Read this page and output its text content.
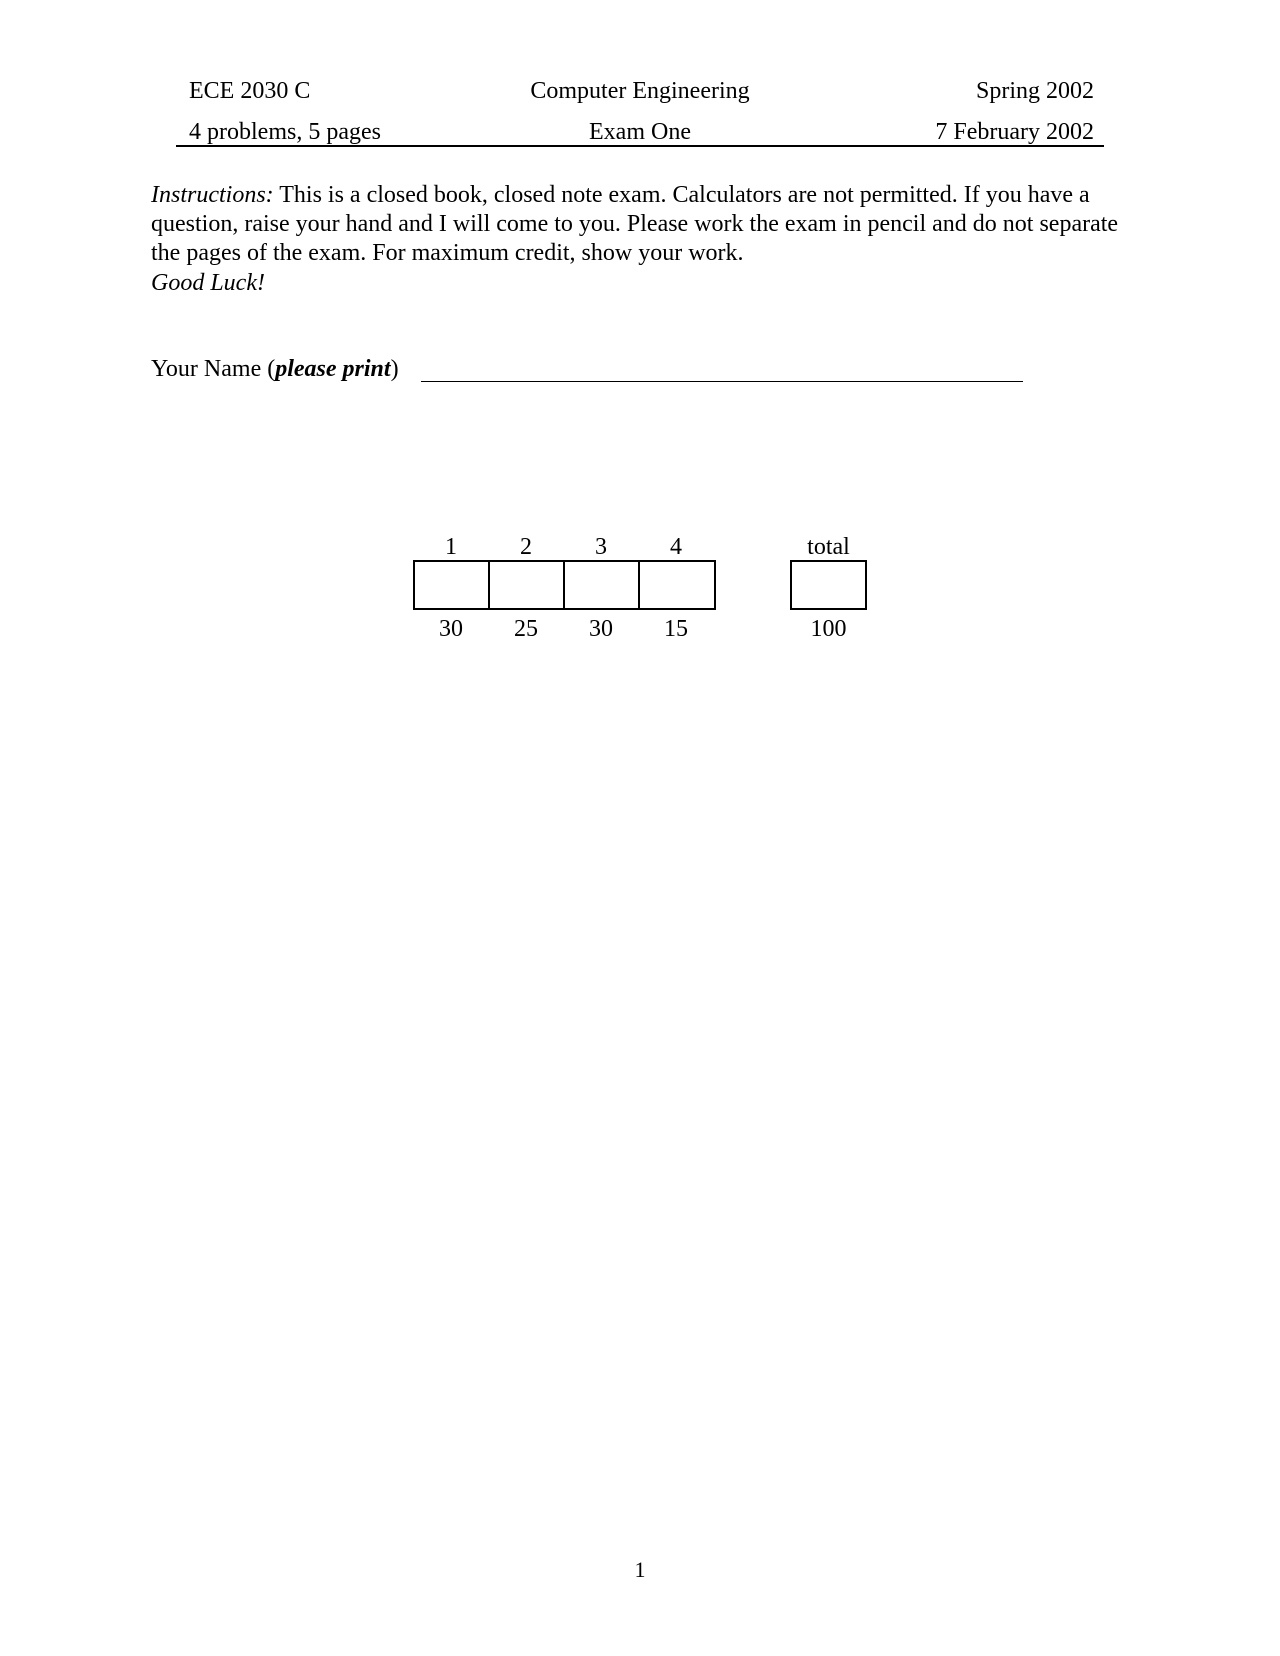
ECE 2030 C	Computer Engineering	Spring 2002
4 problems, 5 pages	Exam One	7 February 2002

Instructions: This is a closed book, closed note exam. Calculators are not permitted. If you have a question, raise your hand and I will come to you. Please work the exam in pencil and do not separate the pages of the exam. For maximum credit, show your work.

Good Luck!

Your Name (please print)
1	2	3	4	total
30	25	30	15	100
1
